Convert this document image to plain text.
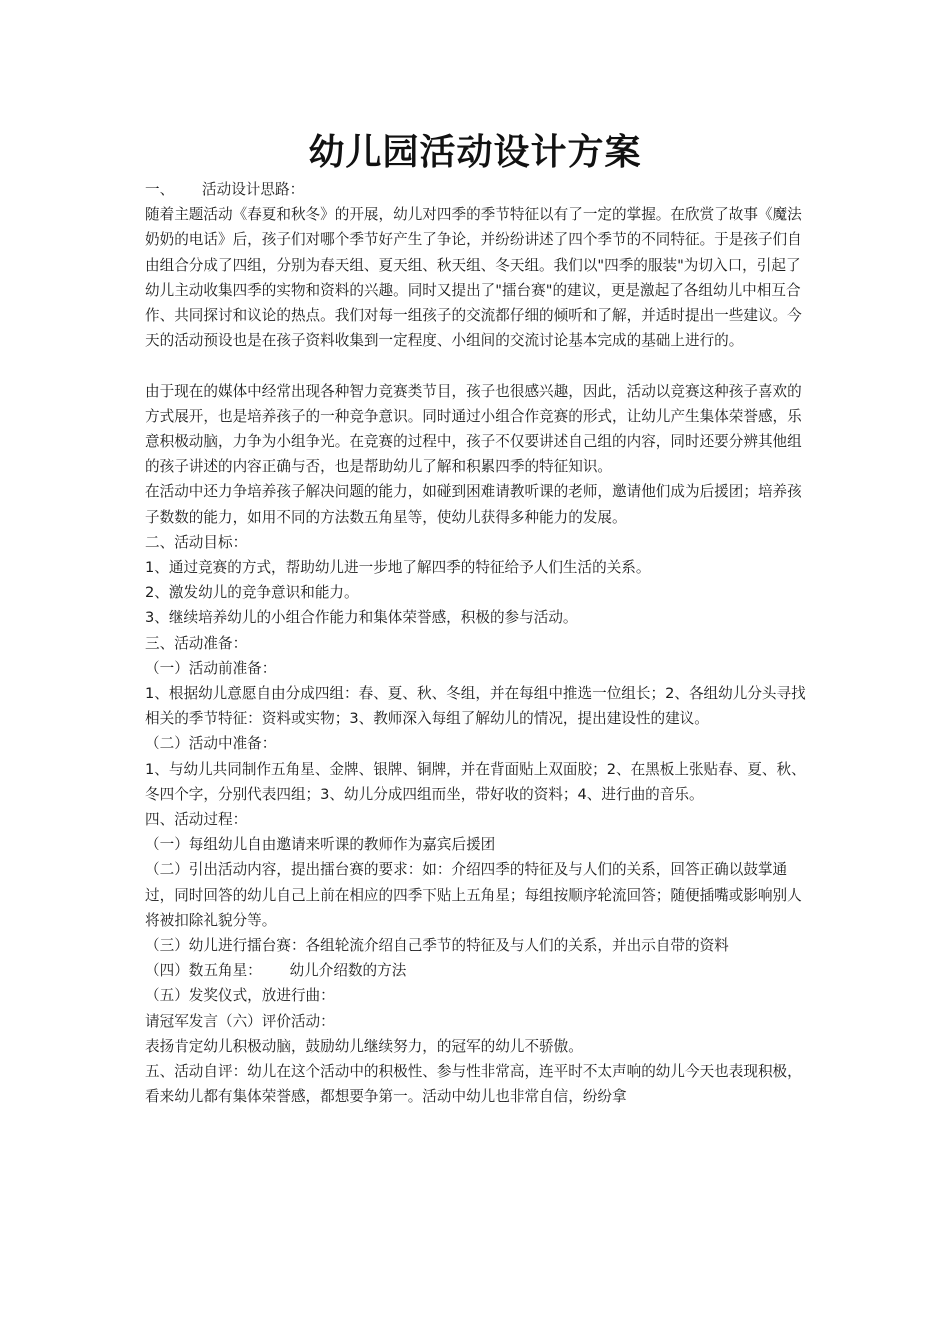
幼儿园活动设计方案

一、      活动设计思路：

随着主题活动《春夏和秋冬》的开展，幼儿对四季的季节特征以有了一定的掌握。在欣赏了故事《魔法奶奶的电话》后，孩子们对哪个季节好产生了争论，并纷纷讲述了四个季节的不同特征。于是孩子们自由组合分成了四组，分别为春天组、夏天组、秋天组、冬天组。我们以"四季的服装"为切入口，引起了幼儿主动收集四季的实物和资料的兴趣。同时又提出了"擂台赛"的建议，更是激起了各组幼儿中相互合作、共同探讨和议论的热点。我们对每一组孩子的交流都仔细的倾听和了解，并适时提出一些建议。今天的活动预设也是在孩子资料收集到一定程度、小组间的交流讨论基本完成的基础上进行的。

由于现在的媒体中经常出现各种智力竞赛类节目，孩子也很感兴趣，因此，活动以竞赛这种孩子喜欢的方式展开，也是培养孩子的一种竞争意识。同时通过小组合作竞赛的形式，让幼儿产生集体荣誉感，乐意积极动脑，力争为小组争光。在竞赛的过程中，孩子不仅要讲述自己组的内容，同时还要分辨其他组的孩子讲述的内容正确与否，也是帮助幼儿了解和积累四季的特征知识。

在活动中还力争培养孩子解决问题的能力，如碰到困难请教听课的老师，邀请他们成为后援团；培养孩子数数的能力，如用不同的方法数五角星等，使幼儿获得多种能力的发展。

二、活动目标：

1、通过竞赛的方式，帮助幼儿进一步地了解四季的特征给予人们生活的关系。

2、激发幼儿的竞争意识和能力。

3、继续培养幼儿的小组合作能力和集体荣誉感，积极的参与活动。

三、活动准备：

（一）活动前准备：

1、根据幼儿意愿自由分成四组：春、夏、秋、冬组，并在每组中推选一位组长；2、各组幼儿分头寻找相关的季节特征：资料或实物；3、教师深入每组了解幼儿的情况，提出建设性的建议。

（二）活动中准备：

1、与幼儿共同制作五角星、金牌、银牌、铜牌，并在背面贴上双面胶；2、在黑板上张贴春、夏、秋、冬四个字，分别代表四组；3、幼儿分成四组而坐，带好收的资料；4、进行曲的音乐。

四、活动过程：

（一）每组幼儿自由邀请来听课的教师作为嘉宾后援团

（二）引出活动内容，提出擂台赛的要求：如：介绍四季的特征及与人们的关系，回答正确以鼓掌通过，同时回答的幼儿自己上前在相应的四季下贴上五角星；每组按顺序轮流回答；随便插嘴或影响别人将被扣除礼貌分等。

（三）幼儿进行擂台赛：各组轮流介绍自己季节的特征及与人们的关系，并出示自带的资料

（四）数五角星：      幼儿介绍数的方法

（五）发奖仪式，放进行曲：

请冠军发言（六）评价活动：

表扬肯定幼儿积极动脑，鼓励幼儿继续努力，的冠军的幼儿不骄傲。

五、活动自评：幼儿在这个活动中的积极性、参与性非常高，连平时不太声响的幼儿今天也表现积极，看来幼儿都有集体荣誉感，都想要争第一。活动中幼儿也非常自信，纷纷拿
